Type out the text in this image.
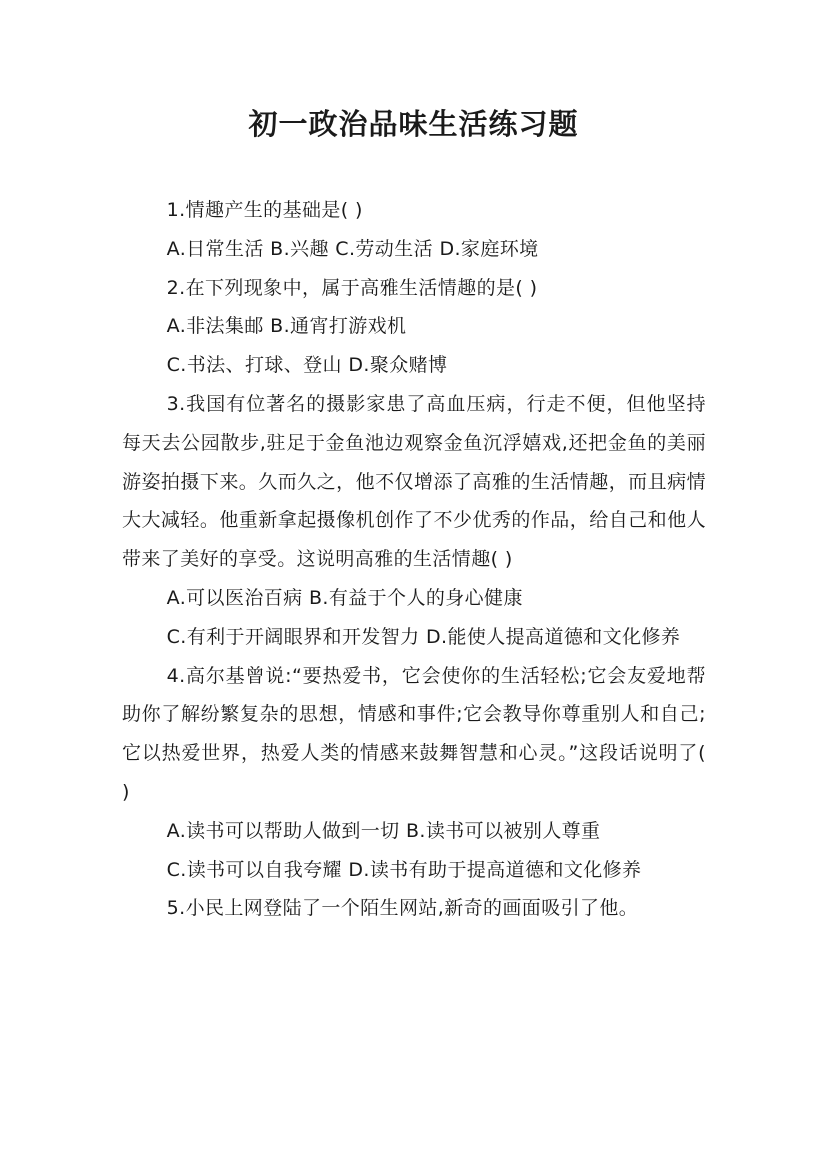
初一政治品味生活练习题

1.情趣产生的基础是( )

A.日常生活 B.兴趣 C.劳动生活 D.家庭环境

2.在下列现象中，属于高雅生活情趣的是( )

A.非法集邮 B.通宵打游戏机

C.书法、打球、登山 D.聚众赌博

3.我国有位著名的摄影家患了高血压病，行走不便，但他坚持每天去公园散步,驻足于金鱼池边观察金鱼沉浮嬉戏,还把金鱼的美丽游姿拍摄下来。久而久之，他不仅增添了高雅的生活情趣，而且病情大大减轻。他重新拿起摄像机创作了不少优秀的作品，给自己和他人带来了美好的享受。这说明高雅的生活情趣( )

A.可以医治百病 B.有益于个人的身心健康

C.有利于开阔眼界和开发智力 D.能使人提高道德和文化修养

4.高尔基曾说:“要热爱书，它会使你的生活轻松;它会友爱地帮助你了解纷繁复杂的思想，情感和事件;它会教导你尊重别人和自己;它以热爱世界，热爱人类的情感来鼓舞智慧和心灵。”这段话说明了( )

A.读书可以帮助人做到一切 B.读书可以被别人尊重

C.读书可以自我夸耀 D.读书有助于提高道德和文化修养

5.小民上网登陆了一个陌生网站,新奇的画面吸引了他。
